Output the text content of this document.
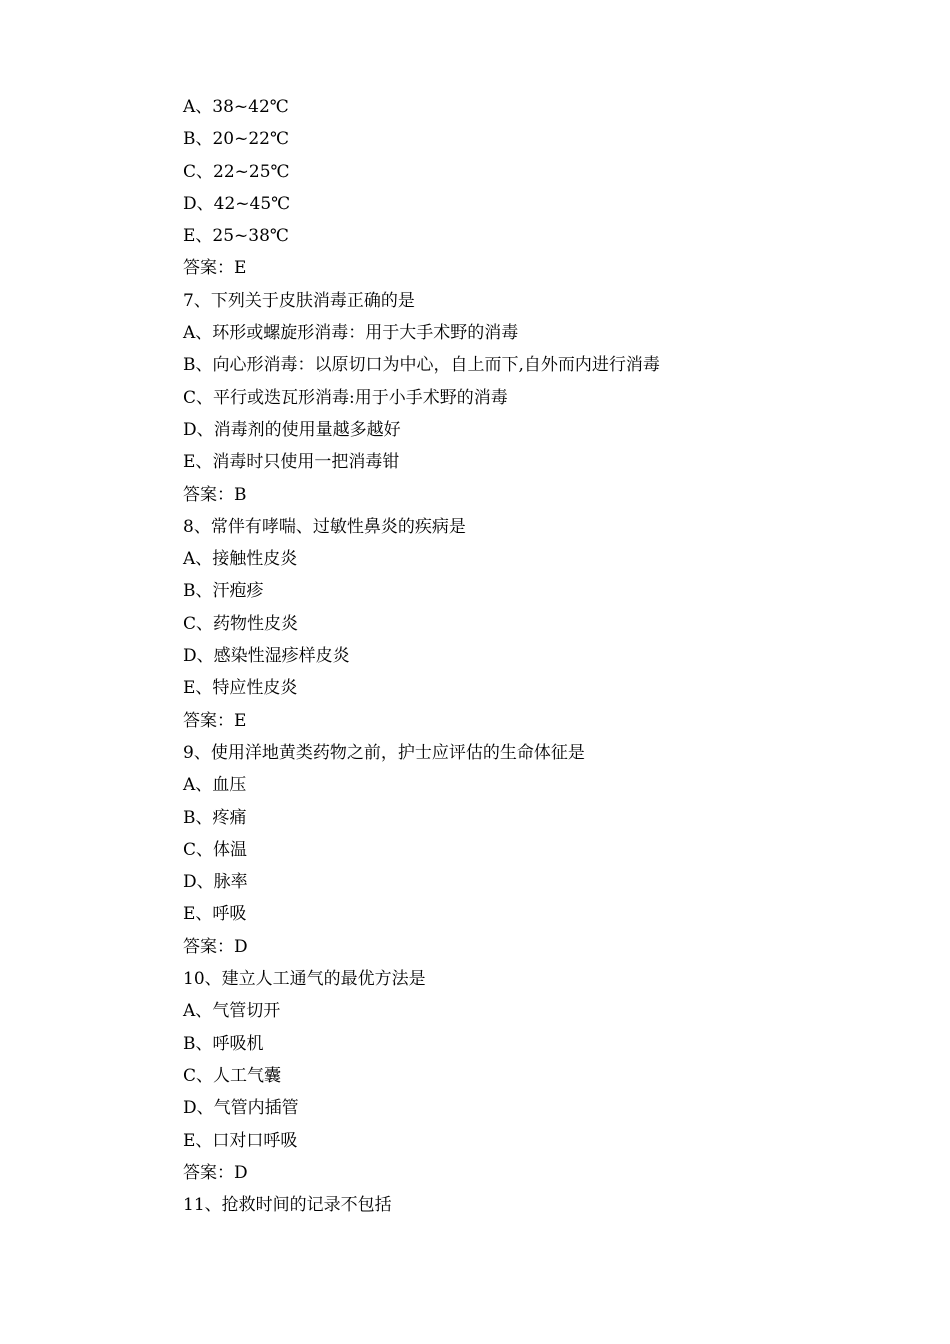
A、38~42℃
B、20~22℃
C、22~25℃
D、42~45℃
E、25~38℃
答案：E
7、下列关于皮肤消毒正确的是
A、环形或螺旋形消毒：用于大手术野的消毒
B、向心形消毒：以原切口为中心，自上而下,自外而内进行消毒
C、平行或迭瓦形消毒:用于小手术野的消毒
D、消毒剂的使用量越多越好
E、消毒时只使用一把消毒钳
答案：B
8、常伴有哮喘、过敏性鼻炎的疾病是
A、接触性皮炎
B、汗疱疹
C、药物性皮炎
D、感染性湿疹样皮炎
E、特应性皮炎
答案：E
9、使用洋地黄类药物之前，护士应评估的生命体征是
A、血压
B、疼痛
C、体温
D、脉率
E、呼吸
答案：D
10、建立人工通气的最优方法是
A、气管切开
B、呼吸机
C、人工气囊
D、气管内插管
E、口对口呼吸
答案：D
11、抢救时间的记录不包括
